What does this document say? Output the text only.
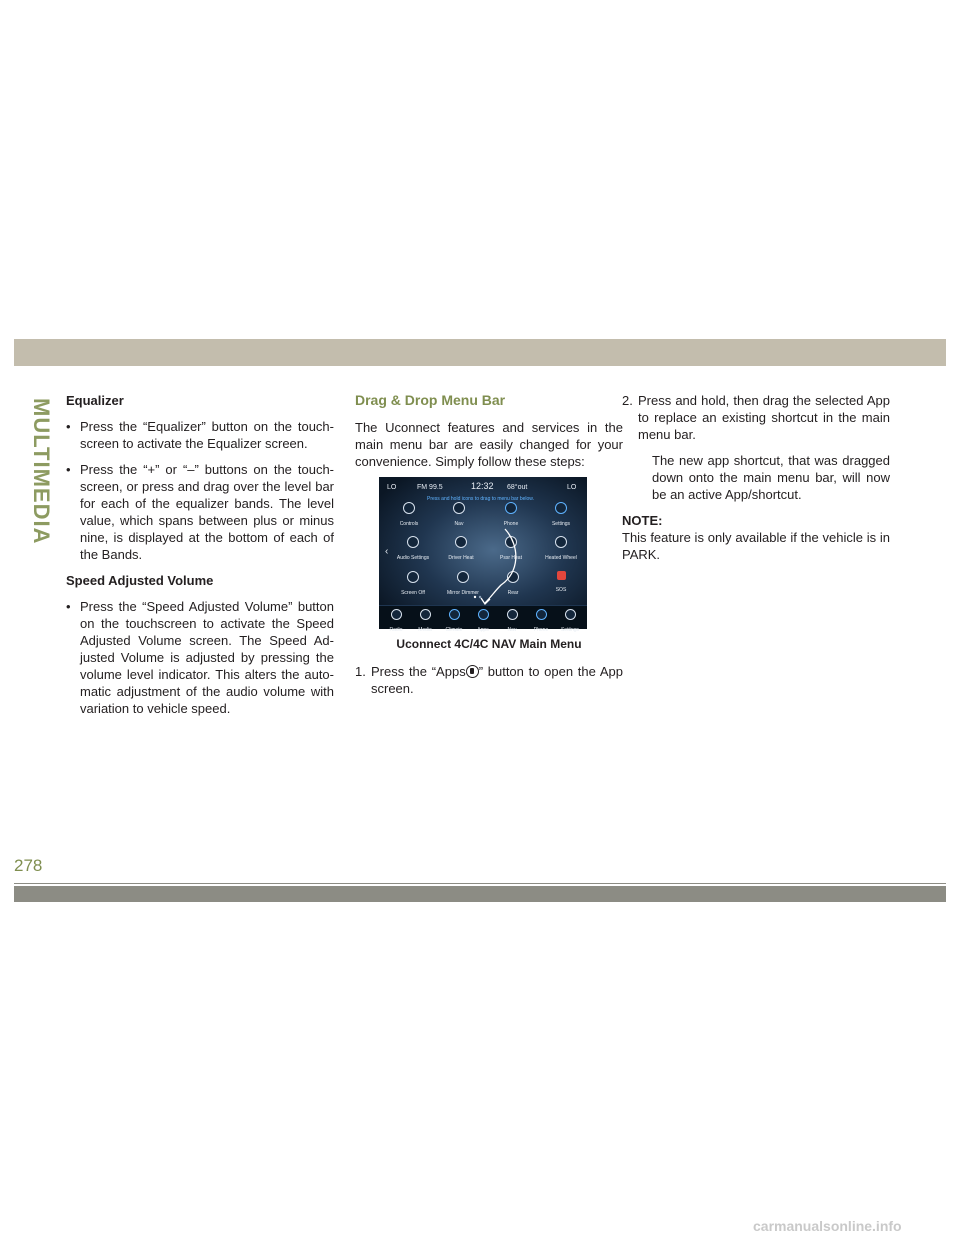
MULTIMEDIA Equalizer
• Press the “Equalizer” button on the touch-screen to activate the Equalizer screen.
• Press the “+” or “–” buttons on the touch-screen, or press and drag over the level bar for each of the equalizer bands. The level value, which spans between plus or minus nine, is displayed at the bottom of each of the Bands.
Speed Adjusted Volume
• Press the “Speed Adjusted Volume” button on the touchscreen to activate the Speed Adjusted Volume screen. The Speed Ad-justed Volume is adjusted by pressing the volume level indicator. This alters the auto-matic adjustment of the audio volume with variation to vehicle speed.
Drag & Drop Menu Bar
The Uconnect features and services in the main menu bar are easily changed for your convenience. Simply follow these steps:
LO	FM 99.5	12:32 68°out	LO
Press and hold icons to drag to menu bar below.
Controls	Nav	Phone	Settings
‹
Audio Settings	Driver Heat	Pssr Heat	Heated Wheel
Screen Off	Mirror Dimmer	Rear	SOS
Radio	Media	Climate	Apps	Nav	Phone	Settings
Uconnect 4C/4C NAV Main Menu
1. Press the “Apps ” button to open the App screen.
2. Press and hold, then drag the selected App to replace an existing shortcut in the main menu bar.
The new app shortcut, that was dragged down onto the main menu bar, will now be an active App/shortcut.
NOTE:
This feature is only available if the vehicle is in PARK.
278
carmanualsonline.info
